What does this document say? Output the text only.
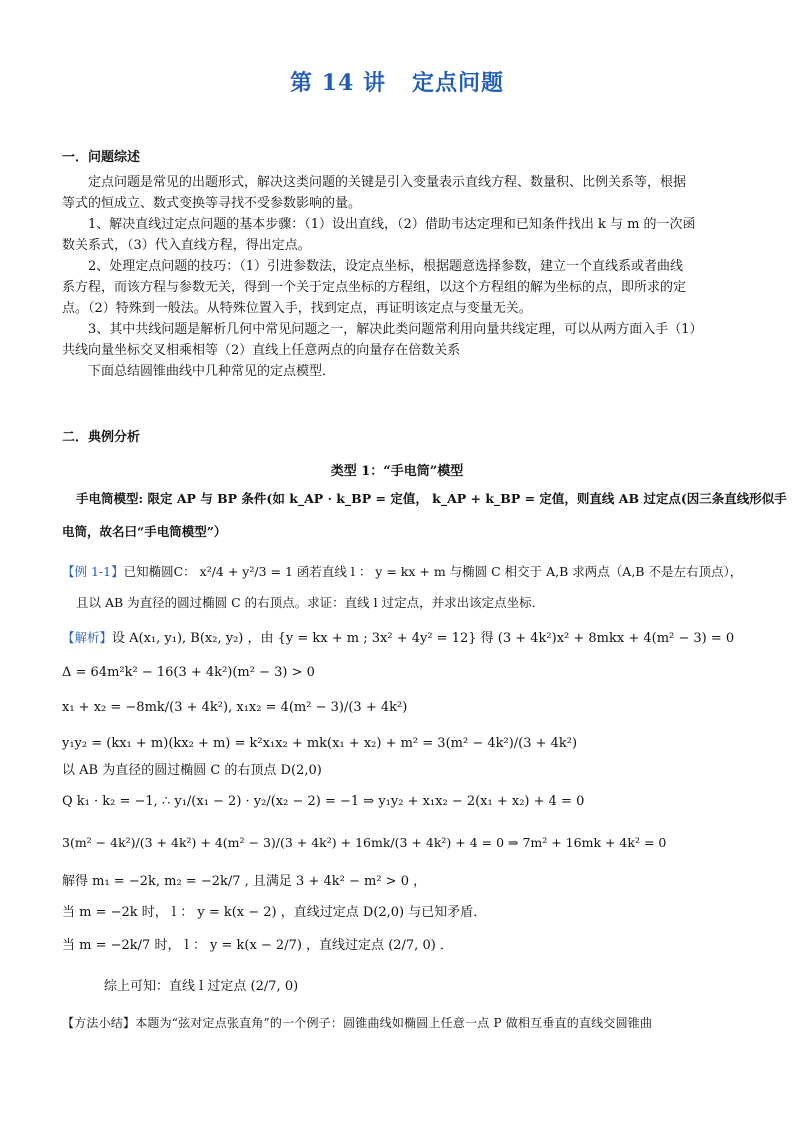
第 14 讲 定点问题
一．问题综述
定点问题是常见的出题形式，解决这类问题的关键是引入变量表示直线方程、数量积、比例关系等，根据
等式的恒成立、数式变换等寻找不受参数影响的量。
1、解决直线过定点问题的基本步骤：（1）设出直线，（2）借助韦达定理和已知条件找出 k 与 m 的一次函
数关系式，（3）代入直线方程，得出定点。
2、处理定点问题的技巧：（1）引进参数法，设定点坐标，根据题意选择参数，建立一个直线系或者曲线
系方程，而该方程与参数无关，得到一个关于定点坐标的方程组，以这个方程组的解为坐标的点，即所求的定
点。（2）特殊到一般法。从特殊位置入手，找到定点，再证明该定点与变量无关。
3、其中共线问题是解析几何中常见问题之一，解决此类问题常利用向量共线定理，可以从两方面入手（1）
共线向量坐标交叉相乘相等（2）直线上任意两点的向量存在倍数关系
下面总结圆锥曲线中几种常见的定点模型．
二．典例分析
类型 1：“手电筒”模型
手电筒模型: 限定 AP 与 BP 条件(如 k_AP · k_BP = 定值， k_AP + k_BP = 定值，则直线 AB 过定点(因三条直线形似手
电筒，故名曰“手电筒模型”）
【例 1-1】已知椭圆C： x²/4 + y²/3 = 1 函若直线 l ： y = kx + m 与椭圆 C 相交于 A,B 求两点（A,B 不是左右顶点），
且以 AB 为直径的圆过椭圆 C 的右顶点。求证：直线 l 过定点，并求出该定点坐标．
【解析】设 A(x₁, y₁), B(x₂, y₂) ，由 {y = kx + m ; 3x² + 4y² = 12} 得 (3 + 4k²)x² + 8mkx + 4(m² − 3) = 0
Δ = 64m²k² − 16(3 + 4k²)(m² − 3) > 0
x₁ + x₂ = −8mk/(3 + 4k²), x₁x₂ = 4(m² − 3)/(3 + 4k²)
y₁y₂ = (kx₁ + m)(kx₂ + m) = k²x₁x₂ + mk(x₁ + x₂) + m² = 3(m² − 4k²)/(3 + 4k²)
以 AB 为直径的圆过椭圆 C 的右顶点 D(2,0)
Q k₁ · k₂ = −1, ∴ y₁/(x₁ − 2) · y₂/(x₂ − 2) = −1 ⇒ y₁y₂ + x₁x₂ − 2(x₁ + x₂) + 4 = 0
3(m² − 4k²)/(3 + 4k²) + 4(m² − 3)/(3 + 4k²) + 16mk/(3 + 4k²) + 4 = 0 ⇒ 7m² + 16mk + 4k² = 0
解得 m₁ = −2k, m₂ = −2k/7 , 且满足 3 + 4k² − m² > 0 ，
当 m = −2k 时， l ： y = k(x − 2) ，直线过定点 D(2,0) 与已知矛盾．
当 m = −2k/7 时， l ： y = k(x − 2/7) ，直线过定点 (2/7, 0) ．
综上可知：直线 l 过定点 (2/7, 0)
【方法小结】本题为“弦对定点张直角”的一个例子：圆锥曲线如椭圆上任意一点 P 做相互垂直的直线交圆锥曲
